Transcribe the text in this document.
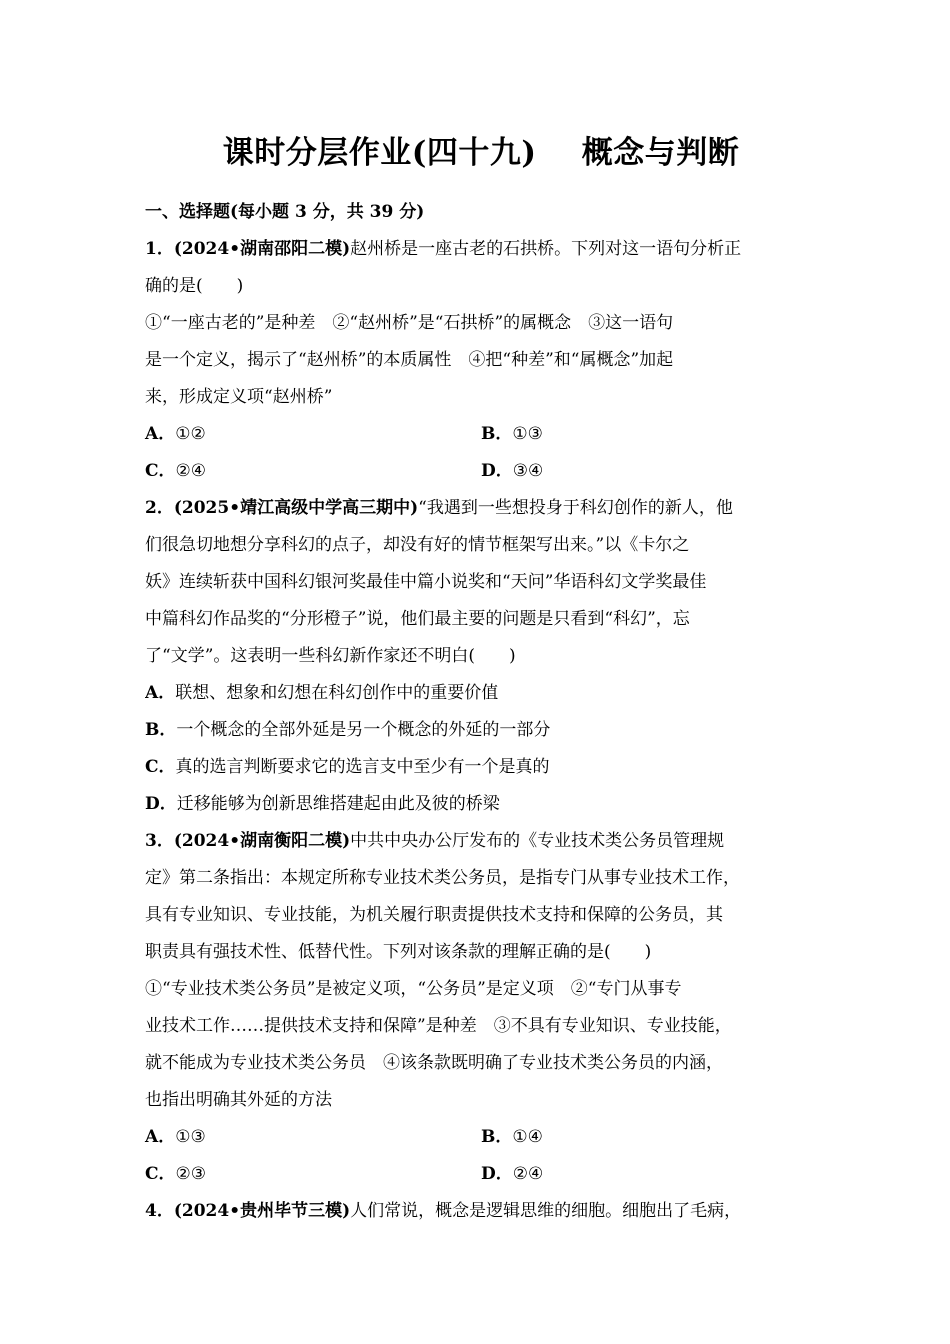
课时分层作业(四十九)    概念与判断
一、选择题(每小题 3 分，共 39 分)
1．(2024•湖南邵阳二模)赵州桥是一座古老的石拱桥。下列对这一语句分析正
确的是(　　)
①“一座古老的”是种差　②“赵州桥”是“石拱桥”的属概念　③这一语句
是一个定义，揭示了“赵州桥”的本质属性　④把“种差”和“属概念”加起
来，形成定义项“赵州桥”
A．①②	B．①③
C．②④	D．③④
2．(2025•靖江高级中学高三期中)“我遇到一些想投身于科幻创作的新人，他
们很急切地想分享科幻的点子，却没有好的情节框架写出来。”以《卡尔之
妖》连续斩获中国科幻银河奖最佳中篇小说奖和“天问”华语科幻文学奖最佳
中篇科幻作品奖的“分形橙子”说，他们最主要的问题是只看到“科幻”，忘
了“文学”。这表明一些科幻新作家还不明白(　　)
A．联想、想象和幻想在科幻创作中的重要价值
B．一个概念的全部外延是另一个概念的外延的一部分
C．真的选言判断要求它的选言支中至少有一个是真的
D．迁移能够为创新思维搭建起由此及彼的桥梁
3．(2024•湖南衡阳二模)中共中央办公厅发布的《专业技术类公务员管理规
定》第二条指出：本规定所称专业技术类公务员，是指专门从事专业技术工作，
具有专业知识、专业技能，为机关履行职责提供技术支持和保障的公务员，其
职责具有强技术性、低替代性。下列对该条款的理解正确的是(　　)
①“专业技术类公务员”是被定义项，“公务员”是定义项　②“专门从事专
业技术工作……提供技术支持和保障”是种差　③不具有专业知识、专业技能，
就不能成为专业技术类公务员　④该条款既明确了专业技术类公务员的内涵，
也指出明确其外延的方法
A．①③	B．①④
C．②③	D．②④
4．(2024•贵州毕节三模)人们常说，概念是逻辑思维的细胞。细胞出了毛病，
